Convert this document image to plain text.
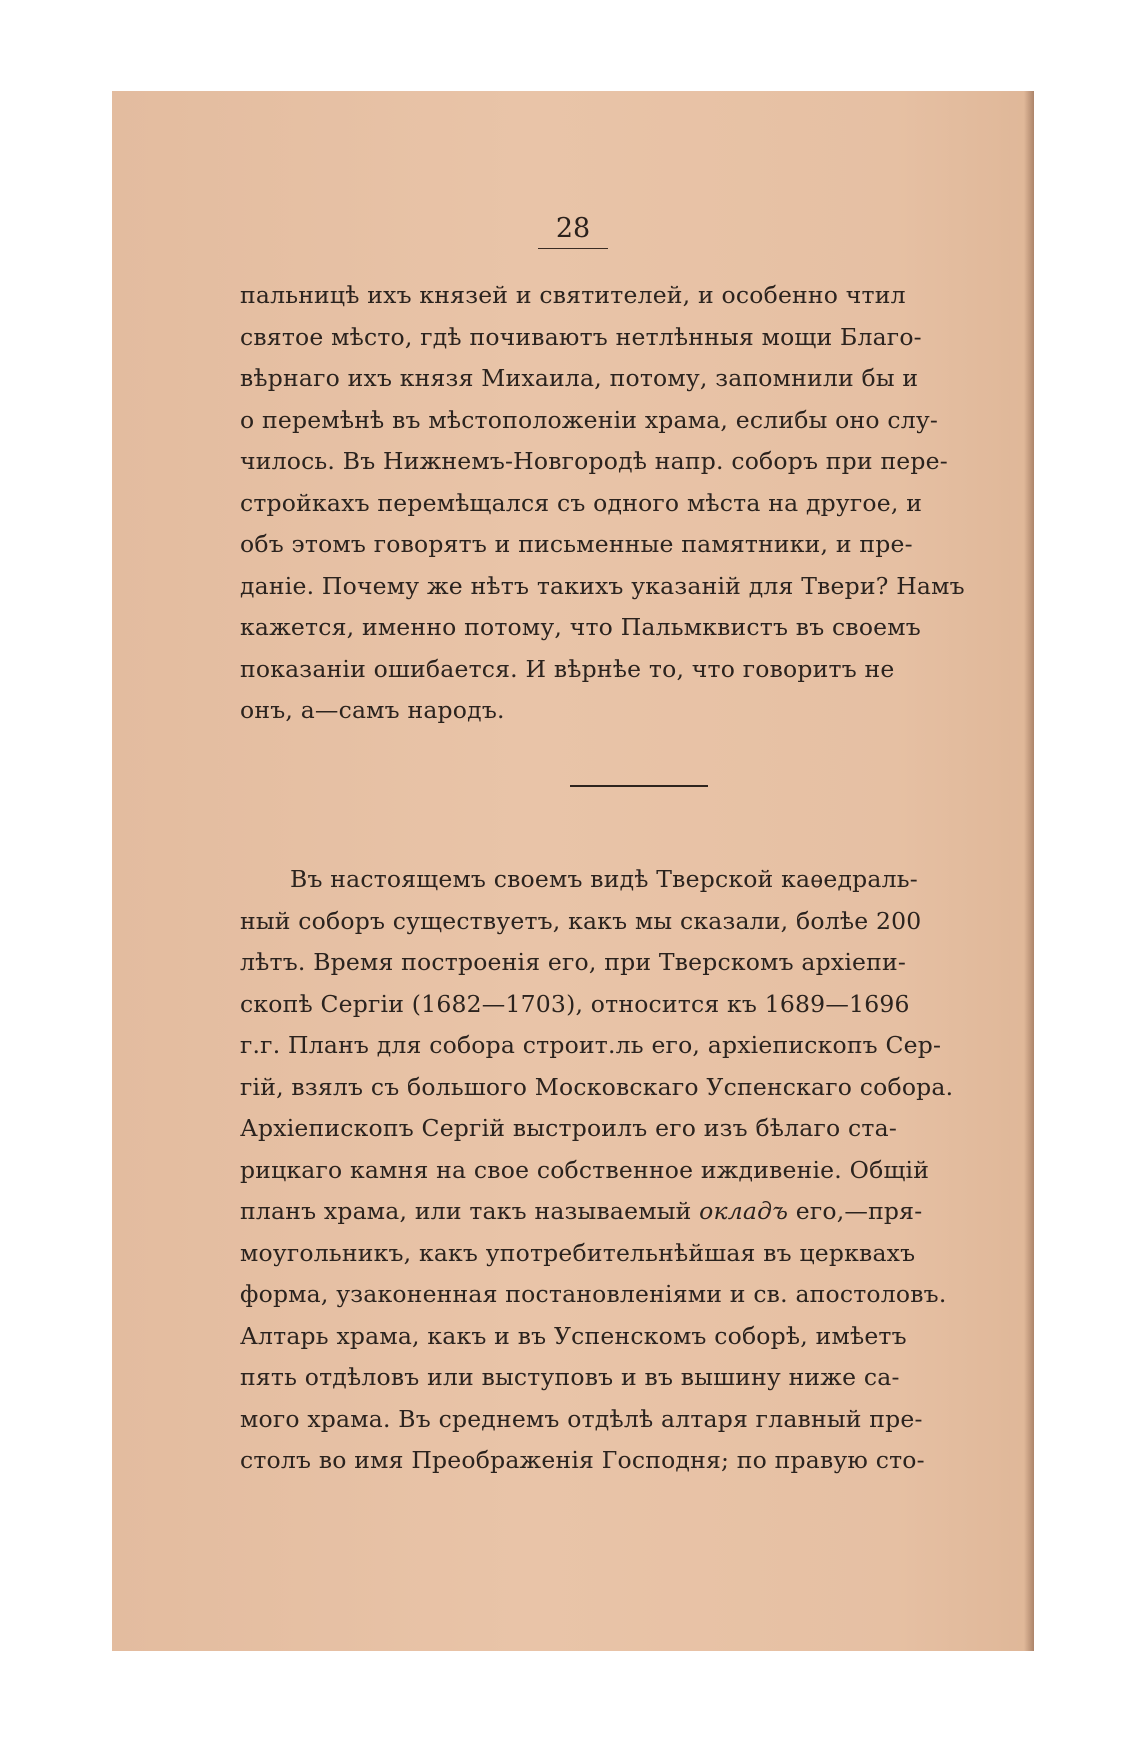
28
пальницѣ ихъ князей и святителей, и особенно чтил
святое мѣсто, гдѣ почиваютъ нетлѣнныя мощи Благо-
вѣрнаго ихъ князя Михаила, потому, запомнили бы и
о перемѣнѣ въ мѣстоположеніи храма, еслибы оно слу-
чилось. Въ Нижнемъ-Новгородѣ напр. соборъ при пере-
стройкахъ перемѣщался съ одного мѣста на другое, и
объ этомъ говорятъ и письменные памятники, и пре-
даніе. Почему же нѣтъ такихъ указаній для Твери? Намъ
кажется, именно потому, что Пальмквистъ въ своемъ
показаніи ошибается. И вѣрнѣе то, что говоритъ не
онъ, а—самъ народъ.
Въ настоящемъ своемъ видѣ Тверской каѳедраль-
ный соборъ существуетъ, какъ мы сказали, болѣе 200
лѣтъ. Время построенія его, при Тверскомъ архіепи-
скопѣ Сергіи (1682—1703), относится къ 1689—1696
г.г. Планъ для собора строит.ль его, архіепископъ Сер-
гій, взялъ съ большого Московскаго Успенскаго собора.
Архіепископъ Сергій выстроилъ его изъ бѣлаго ста-
рицкаго камня на свое собственное иждивеніе. Общій
планъ храма, или такъ называемый окладъ его,—пря-
моугольникъ, какъ употребительнѣйшая въ церквахъ
форма, узаконенная постановленіями и св. апостоловъ.
Алтарь храма, какъ и въ Успенскомъ соборѣ, имѣетъ
пять отдѣловъ или выступовъ и въ вышину ниже са-
мого храма. Въ среднемъ отдѣлѣ алтаря главный пре-
столъ во имя Преображенія Господня; по правую сто-
